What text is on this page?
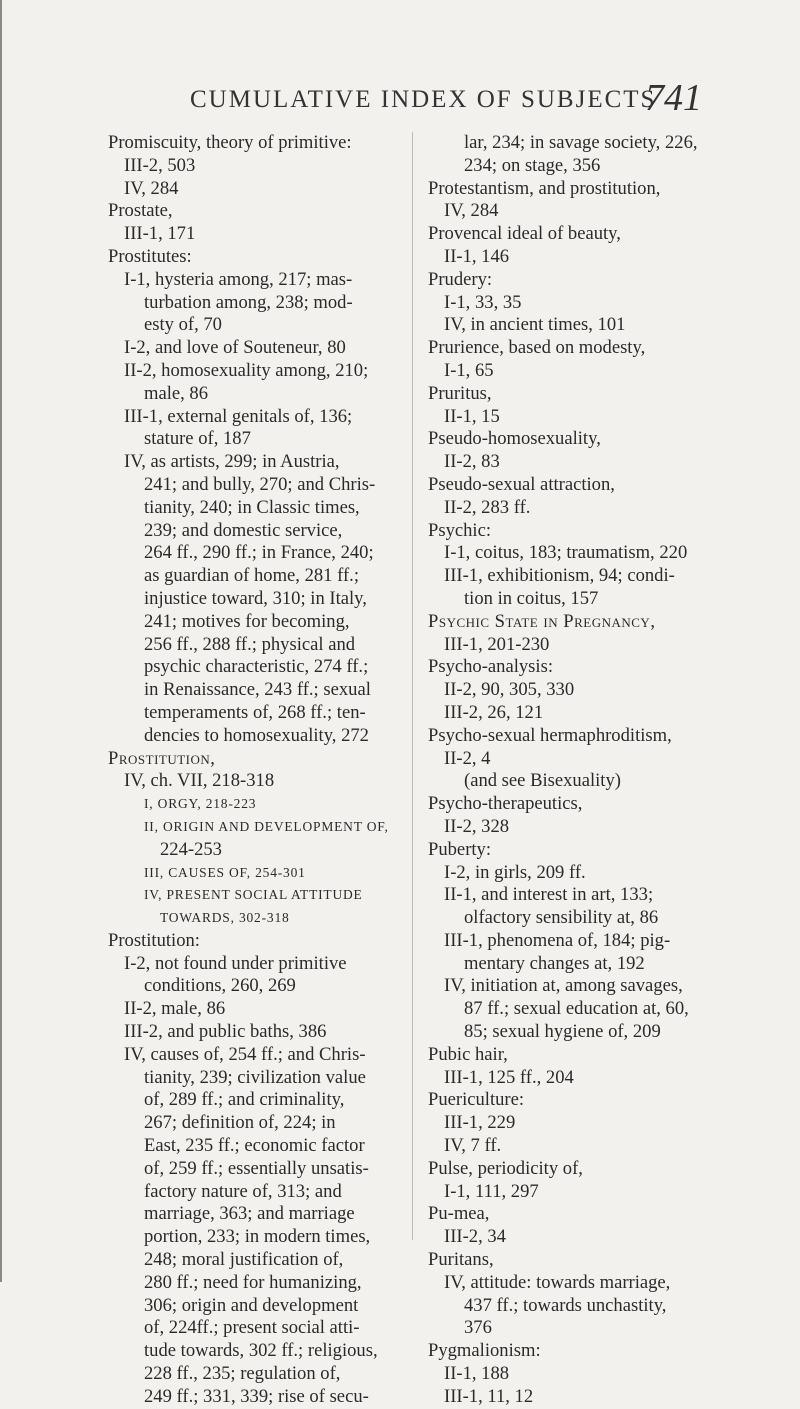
CUMULATIVE INDEX OF SUBJECTS
741
Promiscuity, theory of primitive:
III-2, 503
IV, 284
Prostate,
III-1, 171
Prostitutes:
I-1, hysteria among, 217; mas-
turbation among, 238; mod-
esty of, 70
I-2, and love of Souteneur, 80
II-2, homosexuality among, 210;
male, 86
III-1, external genitals of, 136;
stature of, 187
IV, as artists, 299; in Austria,
241; and bully, 270; and Chris-
tianity, 240; in Classic times,
239; and domestic service,
264 ff., 290 ff.; in France, 240;
as guardian of home, 281 ff.;
injustice toward, 310; in Italy,
241; motives for becoming,
256 ff., 288 ff.; physical and
psychic characteristic, 274 ff.;
in Renaissance, 243 ff.; sexual
temperaments of, 268 ff.; ten-
dencies to homosexuality, 272
Prostitution,
IV, ch. VII, 218-318
I, ORGY, 218-223
II, ORIGIN AND DEVELOPMENT OF,
224-253
III, CAUSES OF, 254-301
IV, PRESENT SOCIAL ATTITUDE
TOWARDS, 302-318
Prostitution:
I-2, not found under primitive
conditions, 260, 269
II-2, male, 86
III-2, and public baths, 386
IV, causes of, 254 ff.; and Chris-
tianity, 239; civilization value
of, 289 ff.; and criminality,
267; definition of, 224; in
East, 235 ff.; economic factor
of, 259 ff.; essentially unsatis-
factory nature of, 313; and
marriage, 363; and marriage
portion, 233; in modern times,
248; moral justification of,
280 ff.; need for humanizing,
306; origin and development
of, 224ff.; present social atti-
tude towards, 302 ff.; religious,
228 ff., 235; regulation of,
249 ff.; 331, 339; rise of secu-
lar, 234; in savage society, 226,
234; on stage, 356
Protestantism, and prostitution,
IV, 284
Provencal ideal of beauty,
II-1, 146
Prudery:
I-1, 33, 35
IV, in ancient times, 101
Prurience, based on modesty,
I-1, 65
Pruritus,
II-1, 15
Pseudo-homosexuality,
II-2, 83
Pseudo-sexual attraction,
II-2, 283 ff.
Psychic:
I-1, coitus, 183; traumatism, 220
III-1, exhibitionism, 94; condi-
tion in coitus, 157
Psychic State in Pregnancy,
III-1, 201-230
Psycho-analysis:
II-2, 90, 305, 330
III-2, 26, 121
Psycho-sexual hermaphroditism,
II-2, 4
(and see Bisexuality)
Psycho-therapeutics,
II-2, 328
Puberty:
I-2, in girls, 209 ff.
II-1, and interest in art, 133;
olfactory sensibility at, 86
III-1, phenomena of, 184; pig-
mentary changes at, 192
IV, initiation at, among savages,
87 ff.; sexual education at, 60,
85; sexual hygiene of, 209
Pubic hair,
III-1, 125 ff., 204
Puericulture:
III-1, 229
IV, 7 ff.
Pulse, periodicity of,
I-1, 111, 297
Pu-mea,
III-2, 34
Puritans,
IV, attitude: towards marriage,
437 ff.; towards unchastity,
376
Pygmalionism:
II-1, 188
III-1, 11, 12
